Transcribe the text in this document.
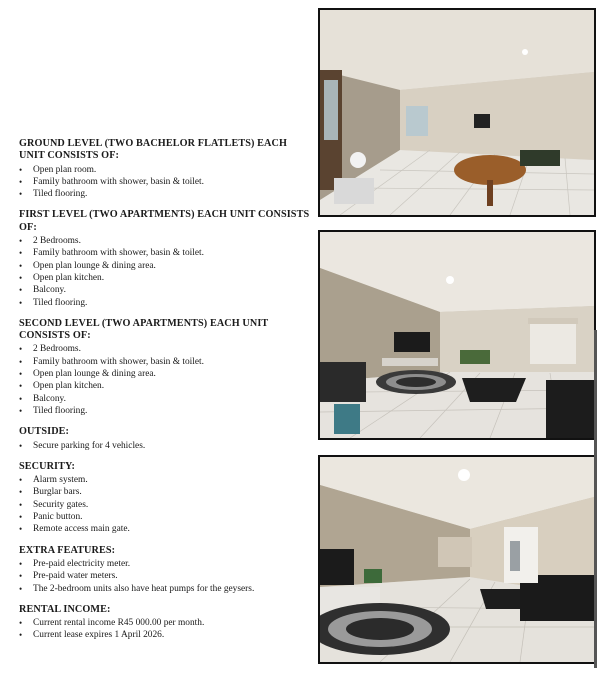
GROUND LEVEL (TWO BACHELOR FLATLETS) EACH UNIT CONSISTS OF:
• Open plan room.
• Family bathroom with shower, basin & toilet.
• Tiled flooring.
FIRST LEVEL (TWO APARTMENTS) EACH UNIT CONSISTS OF:
• 2 Bedrooms.
• Family bathroom with shower, basin & toilet.
• Open plan lounge & dining area.
• Open plan kitchen.
• Balcony.
• Tiled flooring.
SECOND LEVEL (TWO APARTMENTS) EACH UNIT CONSISTS OF:
• 2 Bedrooms.
• Family bathroom with shower, basin & toilet.
• Open plan lounge & dining area.
• Open plan kitchen.
• Balcony.
• Tiled flooring.
OUTSIDE:
• Secure parking for 4 vehicles.
SECURITY:
• Alarm system.
• Burglar bars.
• Security gates.
• Panic button.
• Remote access main gate.
EXTRA FEATURES:
• Pre-paid electricity meter.
• Pre-paid water meters.
• The 2-bedroom units also have heat pumps for the geysers.
RENTAL INCOME:
• Current rental income R45 000.00 per month.
• Current lease expires 1 April 2026.
